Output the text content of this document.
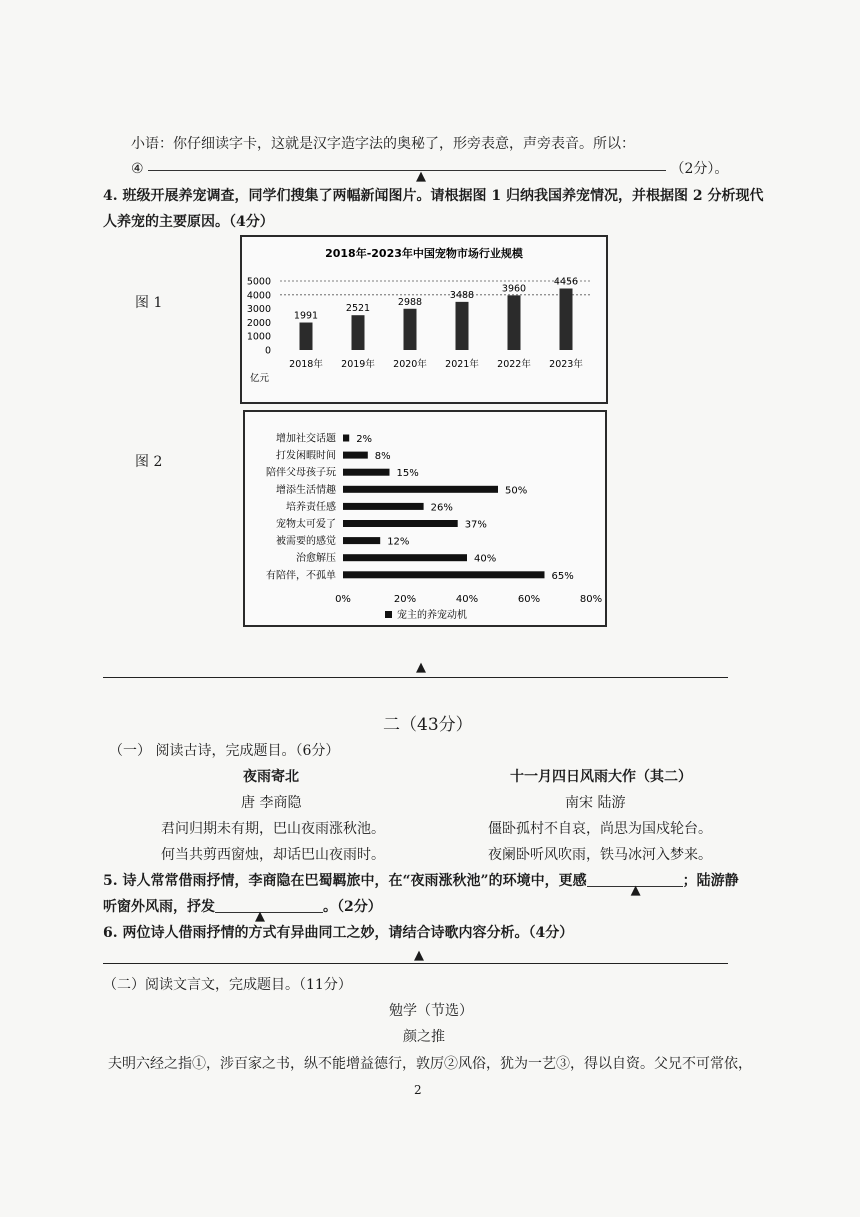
小语：你仔细读字卡，这就是汉字造字法的奥秘了，形旁表意，声旁表音。所以：
④	▲	（2分）。
4. 班级开展养宠调查，同学们搜集了两幅新闻图片。请根据图 1 归纳我国养宠情况，并根据图 2 分析现代
人养宠的主要原因。（4分）
图 1
图 2
2018年-2023年中国宠物市场行业规模
5000
4000
3000
2000
1000
0
1991
2521
2988
3488
3960
4456
2018年 2019年 2020年 2021年 2022年 2023年
亿元
增加社交话题
打发闲暇时间
陪伴父母孩子玩
增添生活情趣
培养责任感
宠物太可爱了
被需要的感觉
治愈解压
有陪伴，不孤单
2%
8%
15%
50%
26%
37%
12%
40%
65%
0%	20%	40%	60%	80%
宠主的养宠动机
▲
二（43分）
（一） 阅读古诗，完成题目。（6分）
夜雨寄北
唐 李商隐
君问归期未有期，巴山夜雨涨秋池。
何当共剪西窗烛，却话巴山夜雨时。
十一月四日风雨大作（其二）
南宋 陆游
僵卧孤村不自哀，尚思为国戍轮台。
夜阑卧听风吹雨，铁马冰河入梦来。
5. 诗人常常借雨抒情，李商隐在巴蜀羁旅中，在“夜雨涨秋池”的环境中，更感
▲
；陆游静
听窗外风雨，抒发
▲
。（2分）
6. 两位诗人借雨抒情的方式有异曲同工之妙，请结合诗歌内容分析。（4分）
▲
（二）阅读文言文，完成题目。（11分）
勉学（节选）
颜之推
夫明六经之指①，涉百家之书，纵不能增益德行，敦厉②风俗，犹为一艺③，得以自资。父兄不可常依，
2
